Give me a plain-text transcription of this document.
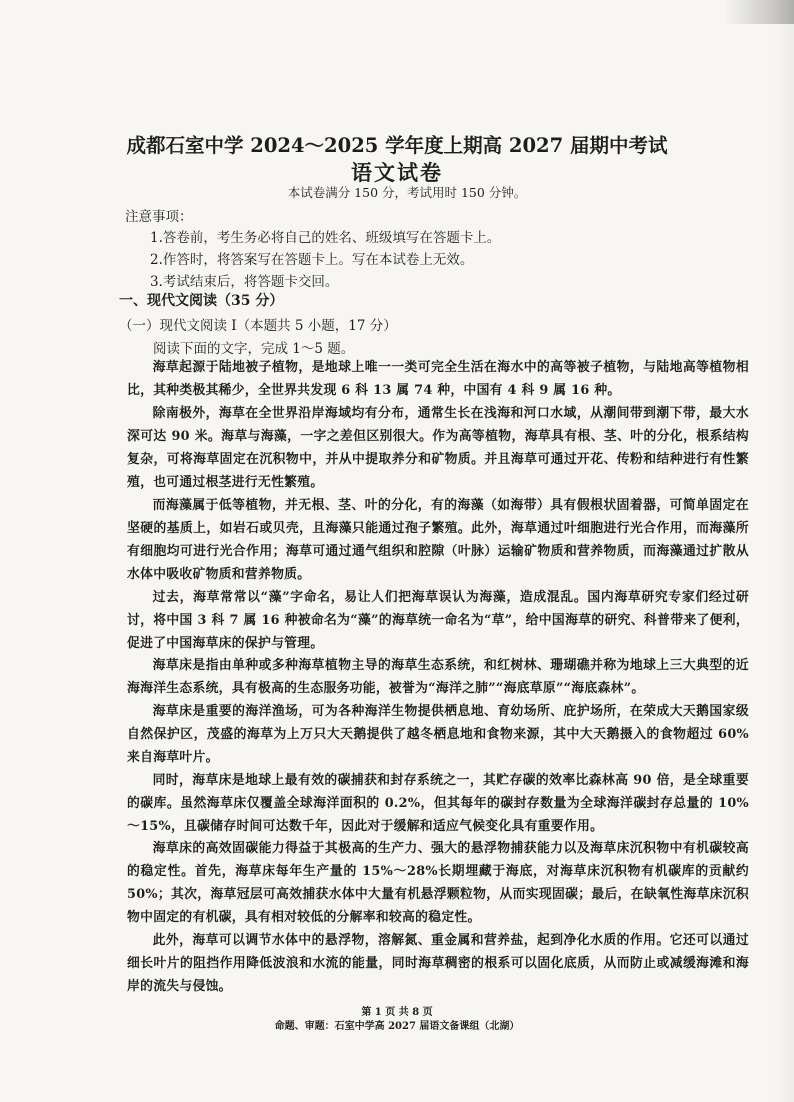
成都石室中学 2024～2025 学年度上期高 2027 届期中考试
语文试卷
本试卷满分 150 分，考试用时 150 分钟。
注意事项：
1.答卷前，考生务必将自己的姓名、班级填写在答题卡上。
2.作答时，将答案写在答题卡上。写在本试卷上无效。
3.考试结束后，将答题卡交回。
一、现代文阅读（35 分）
（一）现代文阅读 Ⅰ（本题共 5 小题，17 分）
阅读下面的文字，完成 1～5 题。

海草起源于陆地被子植物，是地球上唯一一类可完全生活在海水中的高等被子植物，与陆地高等植物相比，其种类极其稀少，全世界共发现 6 科 13 属 74 种，中国有 4 科 9 属 16 种。

除南极外，海草在全世界沿岸海域均有分布，通常生长在浅海和河口水域，从潮间带到潮下带，最大水深可达 90 米。海草与海藻，一字之差但区别很大。作为高等植物，海草具有根、茎、叶的分化，根系结构复杂，可将海草固定在沉积物中，并从中提取养分和矿物质。并且海草可通过开花、传粉和结种进行有性繁殖，也可通过根茎进行无性繁殖。

而海藻属于低等植物，并无根、茎、叶的分化，有的海藻（如海带）具有假根状固着器，可简单固定在坚硬的基质上，如岩石或贝壳，且海藻只能通过孢子繁殖。此外，海草通过叶细胞进行光合作用，而海藻所有细胞均可进行光合作用；海草可通过通气组织和腔隙（叶脉）运输矿物质和营养物质，而海藻通过扩散从水体中吸收矿物质和营养物质。

过去，海草常常以“藻”字命名，易让人们把海草误认为海藻，造成混乱。国内海草研究专家们经过研讨，将中国 3 科 7 属 16 种被命名为“藻”的海草统一命名为“草”，给中国海草的研究、科普带来了便利，促进了中国海草床的保护与管理。

海草床是指由单种或多种海草植物主导的海草生态系统，和红树林、珊瑚礁并称为地球上三大典型的近海海洋生态系统，具有极高的生态服务功能，被誉为“海洋之肺”“海底草原”“海底森林”。

海草床是重要的海洋渔场，可为各种海洋生物提供栖息地、育幼场所、庇护场所，在荣成大天鹅国家级自然保护区，茂盛的海草为上万只大天鹅提供了越冬栖息地和食物来源，其中大天鹅摄入的食物超过 60%来自海草叶片。

同时，海草床是地球上最有效的碳捕获和封存系统之一，其贮存碳的效率比森林高 90 倍，是全球重要的碳库。虽然海草床仅覆盖全球海洋面积的 0.2%，但其每年的碳封存数量为全球海洋碳封存总量的 10%～15%，且碳储存时间可达数千年，因此对于缓解和适应气候变化具有重要作用。

海草床的高效固碳能力得益于其极高的生产力、强大的悬浮物捕获能力以及海草床沉积物中有机碳较高的稳定性。首先，海草床每年生产量的 15%～28%长期埋藏于海底，对海草床沉积物有机碳库的贡献约 50%；其次，海草冠层可高效捕获水体中大量有机悬浮颗粒物，从而实现固碳；最后，在缺氧性海草床沉积物中固定的有机碳，具有相对较低的分解率和较高的稳定性。

此外，海草可以调节水体中的悬浮物，溶解氮、重金属和营养盐，起到净化水质的作用。它还可以通过细长叶片的阻挡作用降低波浪和水流的能量，同时海草稠密的根系可以固化底质，从而防止或减缓海滩和海岸的流失与侵蚀。

第 1 页 共 8 页
命题、审题：石室中学高 2027 届语文备课组（北湖）
